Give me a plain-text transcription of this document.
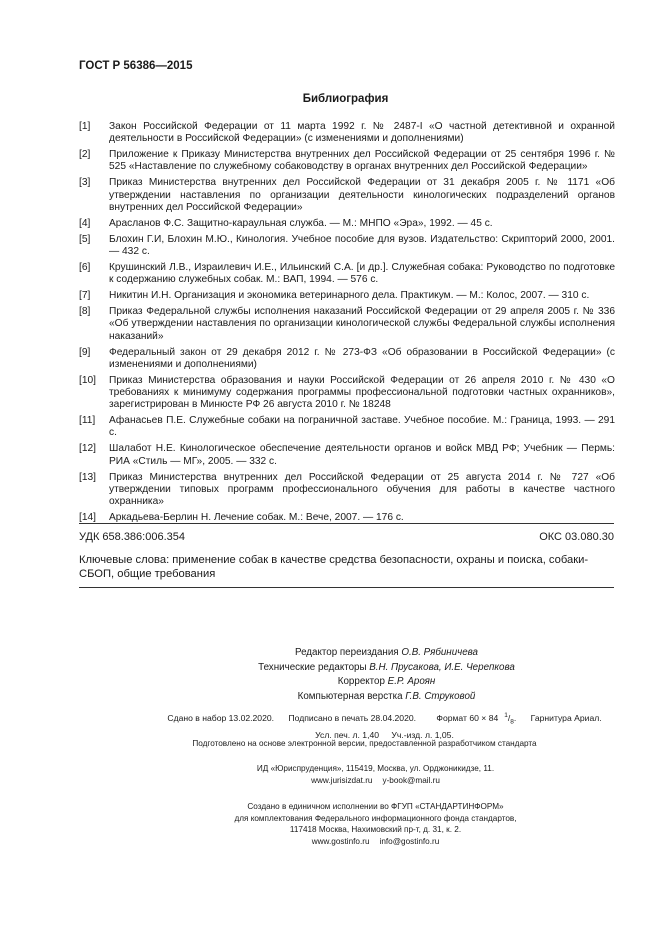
ГОСТ Р 56386—2015
Библиография
[1]	Закон Российской Федерации от 11 марта 1992 г. № 2487-I «О частной детективной и охранной деятельности в Российской Федерации» (с изменениями и дополнениями)
[2]	Приложение к Приказу Министерства внутренних дел Российской Федерации от 25 сентября 1996 г. № 525 «Наставление по служебному собаководству в органах внутренних дел Российской Федерации»
[3]	Приказ Министерства внутренних дел Российской Федерации от 31 декабря 2005 г. № 1171 «Об утверждении наставления по организации деятельности кинологических подразделений органов внутренних дел Российской Федерации»
[4]	Арасланов Ф.С. Защитно-караульная служба. — М.: МНПО «Эра», 1992. — 45 с.
[5]	Блохин Г.И, Блохин М.Ю., Кинология. Учебное пособие для вузов. Издательство: Скрипторий 2000, 2001. — 432 с.
[6]	Крушинский Л.В., Израилевич И.Е., Ильинский С.А. [и др.]. Служебная собака: Руководство по подготовке к содержанию служебных собак. М.: ВАП, 1994. — 576 с.
[7]	Никитин И.Н. Организация и экономика ветеринарного дела. Практикум. — М.: Колос, 2007. — 310 с.
[8]	Приказ Федеральной службы исполнения наказаний Российской Федерации от 29 апреля 2005 г. № 336 «Об утверждении наставления по организации кинологической службы Федеральной службы исполнения наказаний»
[9]	Федеральный закон от 29 декабря 2012 г. № 273-ФЗ «Об образовании в Российской Федерации» (с изменениями и дополнениями)
[10]	Приказ Министерства образования и науки Российской Федерации от 26 апреля 2010 г. № 430 «О требованиях к минимуму содержания программы профессиональной подготовки частных охранников», зарегистрирован в Минюсте РФ 26 августа 2010 г. № 18248
[11]	Афанасьев П.Е. Служебные собаки на пограничной заставе. Учебное пособие. М.: Граница, 1993. — 291 с.
[12]	Шалабот Н.Е. Кинологическое обеспечение деятельности органов и войск МВД РФ; Учебник — Пермь: РИА «Стиль — МГ», 2005. — 332 с.
[13]	Приказ Министерства внутренних дел Российской Федерации от 25 августа 2014 г. № 727 «Об утверждении типовых программ профессионального обучения для работы в качестве частного охранника»
[14]	Аркадьева-Берлин Н. Лечение собак. М.: Вече, 2007. — 176 с.
УДК 658.386:006.354	ОКС 03.080.30
Ключевые слова: применение собак в качестве средства безопасности, охраны и поиска, собаки-СБОП, общие требования
Редактор переиздания О.В. Рябиничева
Технические редакторы В.Н. Прусакова, И.Е. Черепкова
Корректор Е.Р. Ароян
Компьютерная верстка Г.В. Струковой
Сдано в набор 13.02.2020. Подписано в печать 28.04.2020. Формат 60 × 84 $^1/_8$. Гарнитура Ариал.
Усл. печ. л. 1,40 Уч.-изд. л. 1,05.
Подготовлено на основе электронной версии, предоставленной разработчиком стандарта
ИД «Юриспруденция», 115419, Москва, ул. Орджоникидзе, 11.
www.jurisizdat.ru y-book@mail.ru
Создано в единичном исполнении во ФГУП «СТАНДАРТИНФОРМ»
для комплектования Федерального информационного фонда стандартов,
117418 Москва, Нахимовский пр-т, д. 31, к. 2.
www.gostinfo.ru info@gostinfo.ru
